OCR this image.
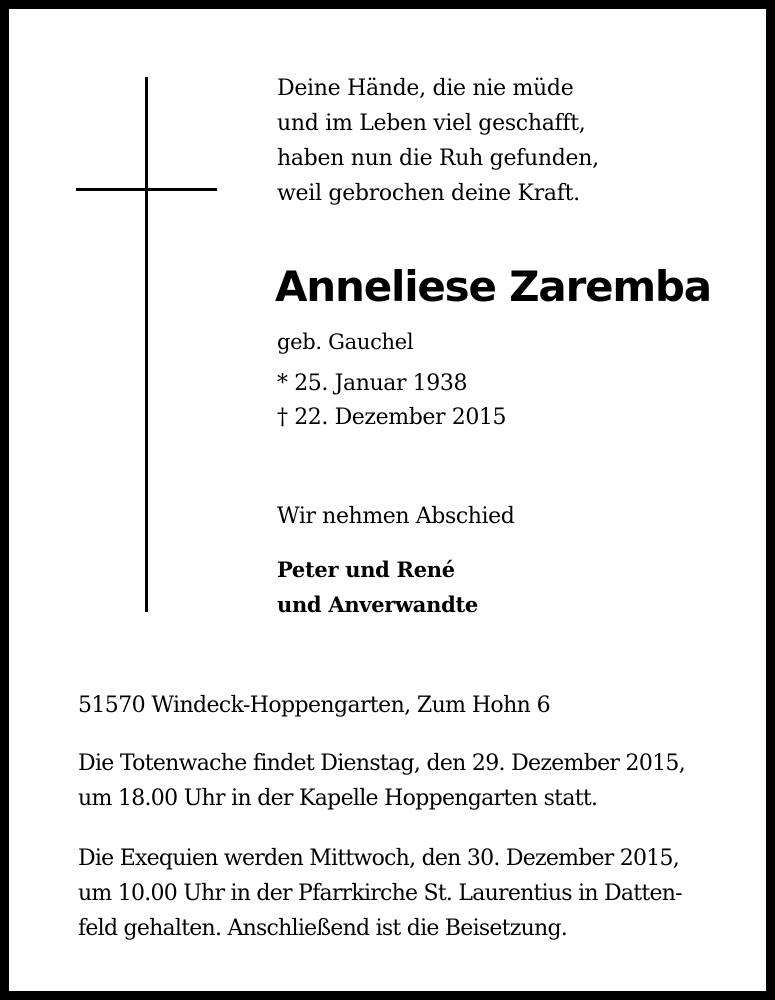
Deine Hände, die nie müde
und im Leben viel geschafft,
haben nun die Ruh gefunden,
weil gebrochen deine Kraft.
Anneliese Zaremba
geb. Gauchel
* 25. Januar 1938
† 22. Dezember 2015
Wir nehmen Abschied
Peter und René
und Anverwandte
51570 Windeck-Hoppengarten, Zum Hohn 6
Die Totenwache findet Dienstag, den 29. Dezember 2015,
um 18.00 Uhr in der Kapelle Hoppengarten statt.
Die Exequien werden Mittwoch, den 30. Dezember 2015,
um 10.00 Uhr in der Pfarrkirche St. Laurentius in Datten-
feld gehalten. Anschließend ist die Beisetzung.
